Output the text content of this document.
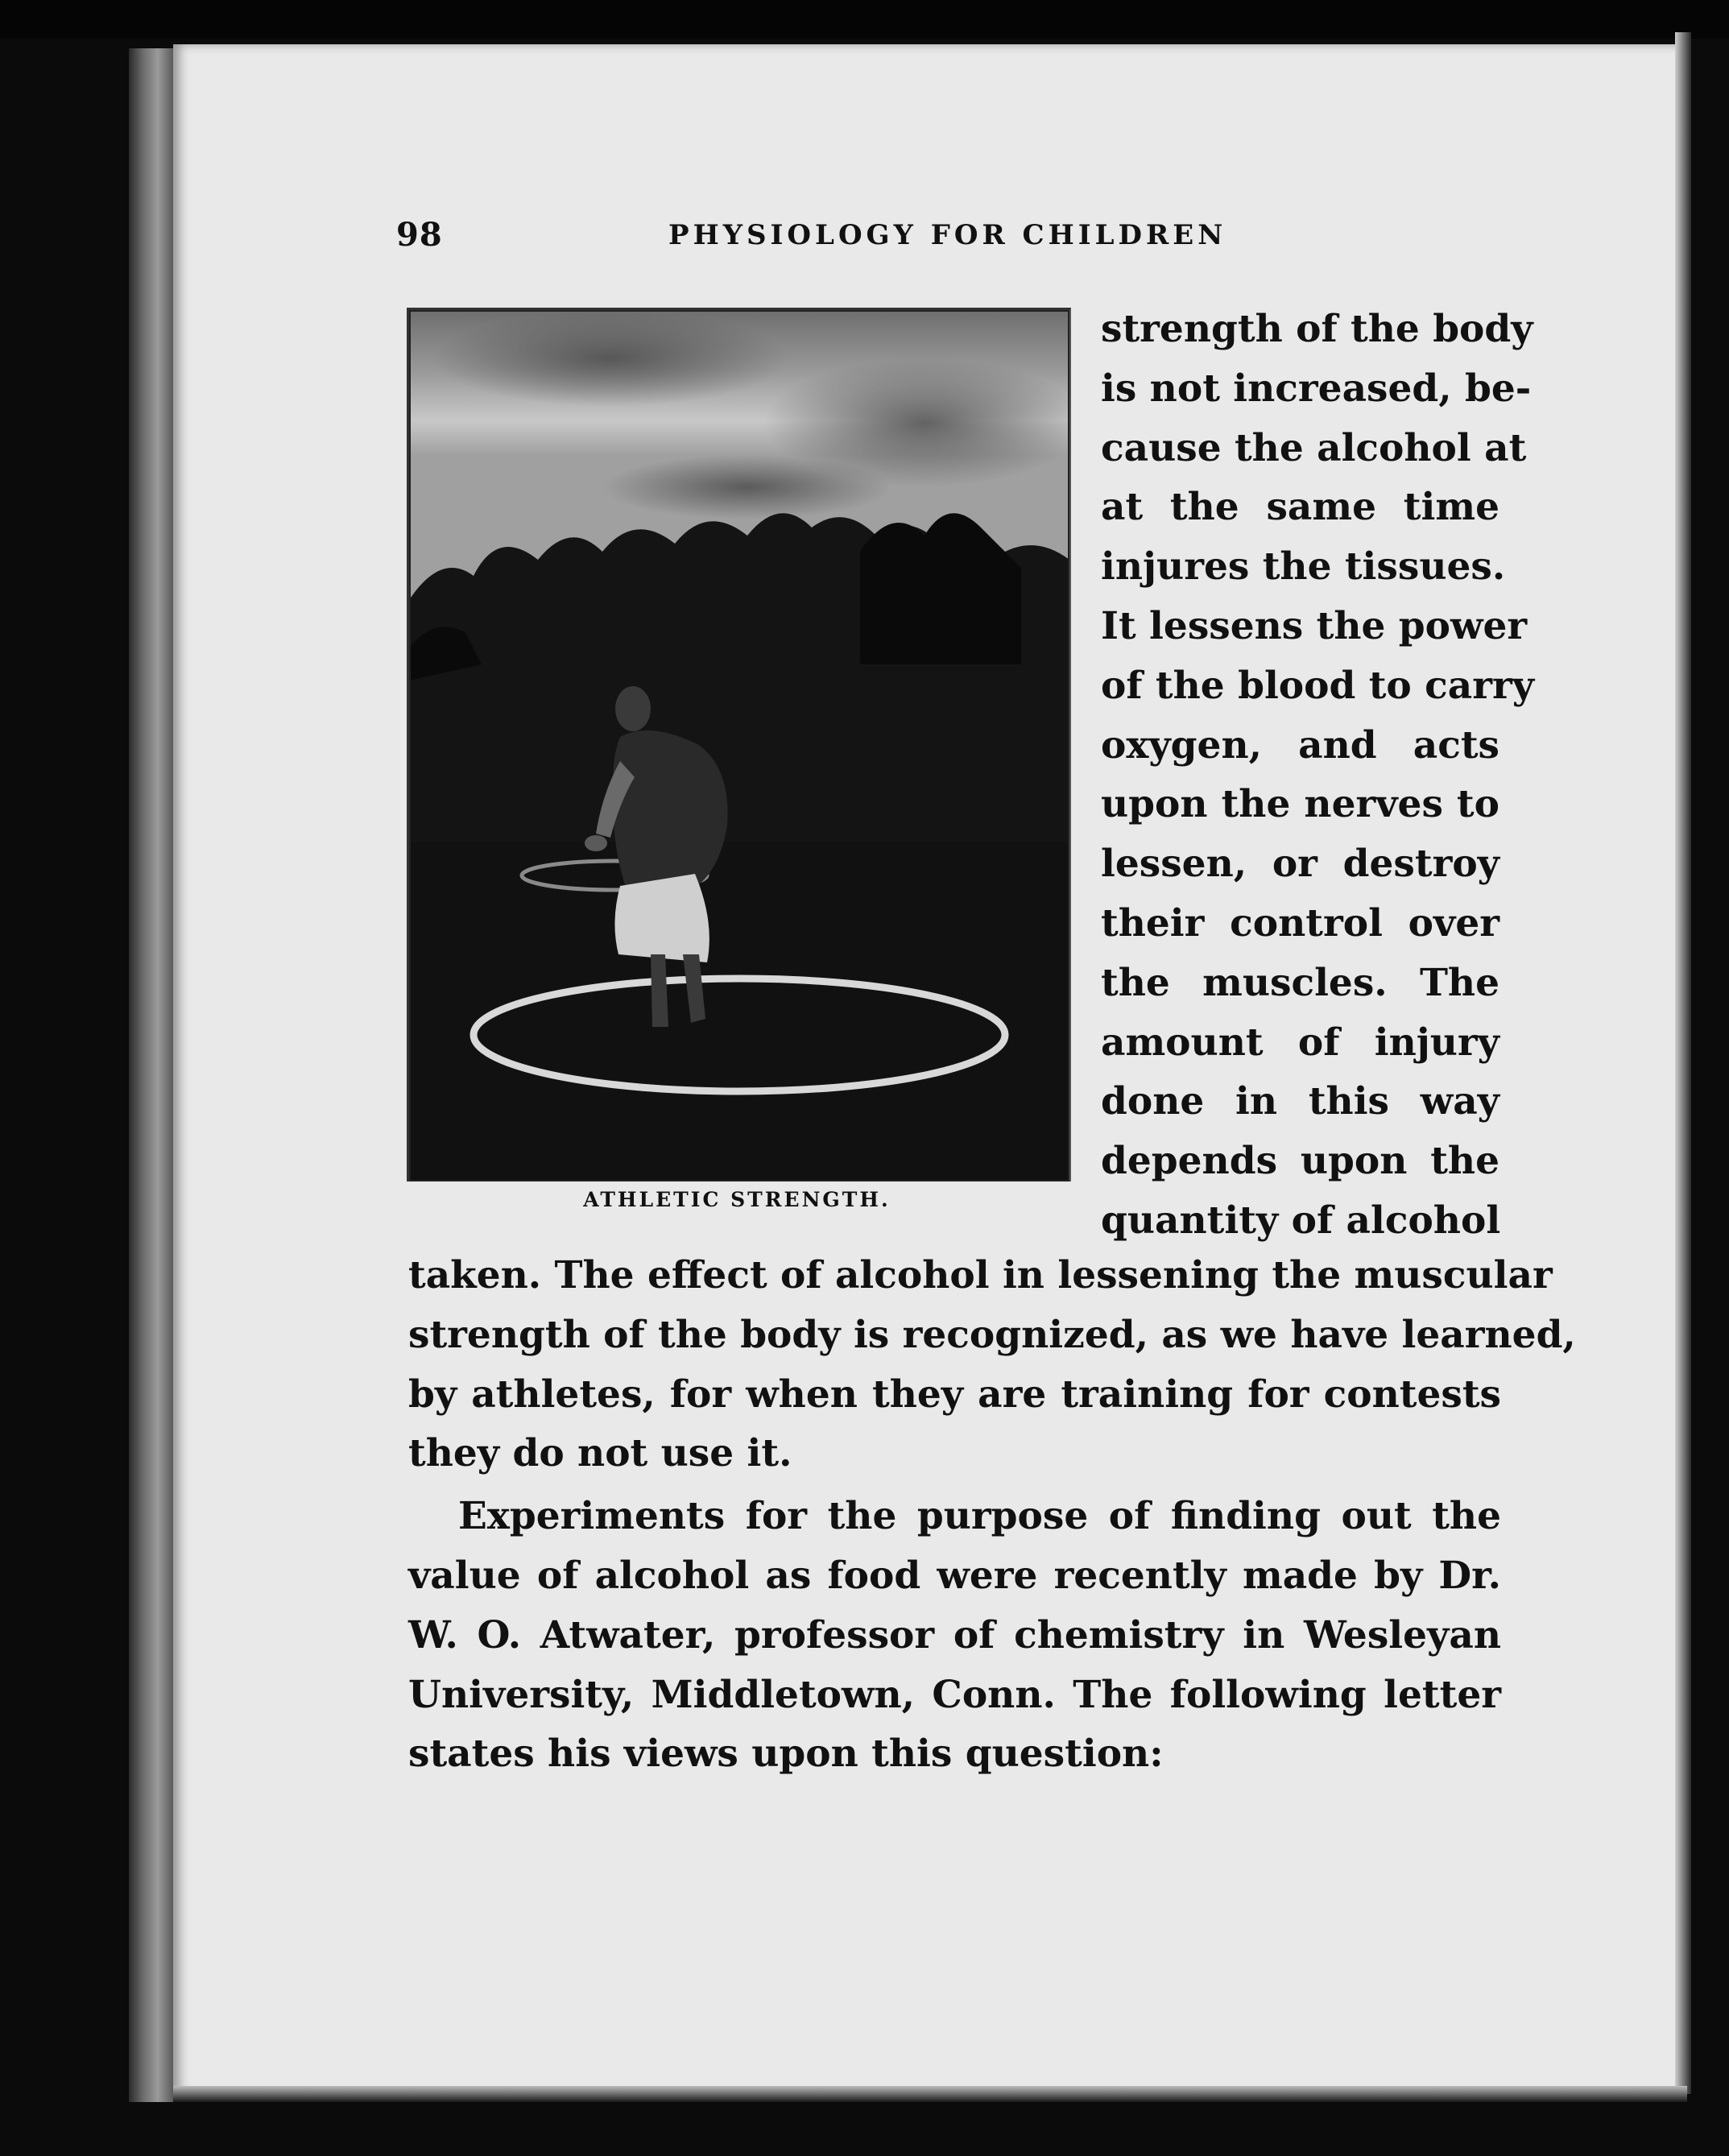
98	PHYSIOLOGY FOR CHILDREN
ATHLETIC STRENGTH.
strength of the body
is not increased, be-
cause the alcohol at
at the same time
injures the tissues.
It lessens the power
of the blood to carry
oxygen, and acts
upon the nerves to
lessen, or destroy
their control over
the muscles. The
amount of injury
done in this way
depends upon the
quantity of alcohol
taken. The effect of alcohol in lessening the muscular
strength of the body is recognized, as we have learned,
by athletes, for when they are training for contests
they do not use it.
Experiments for the purpose of finding out the
value of alcohol as food were recently made by Dr.
W. O. Atwater, professor of chemistry in Wesleyan
University, Middletown, Conn. The following letter
states his views upon this question:
